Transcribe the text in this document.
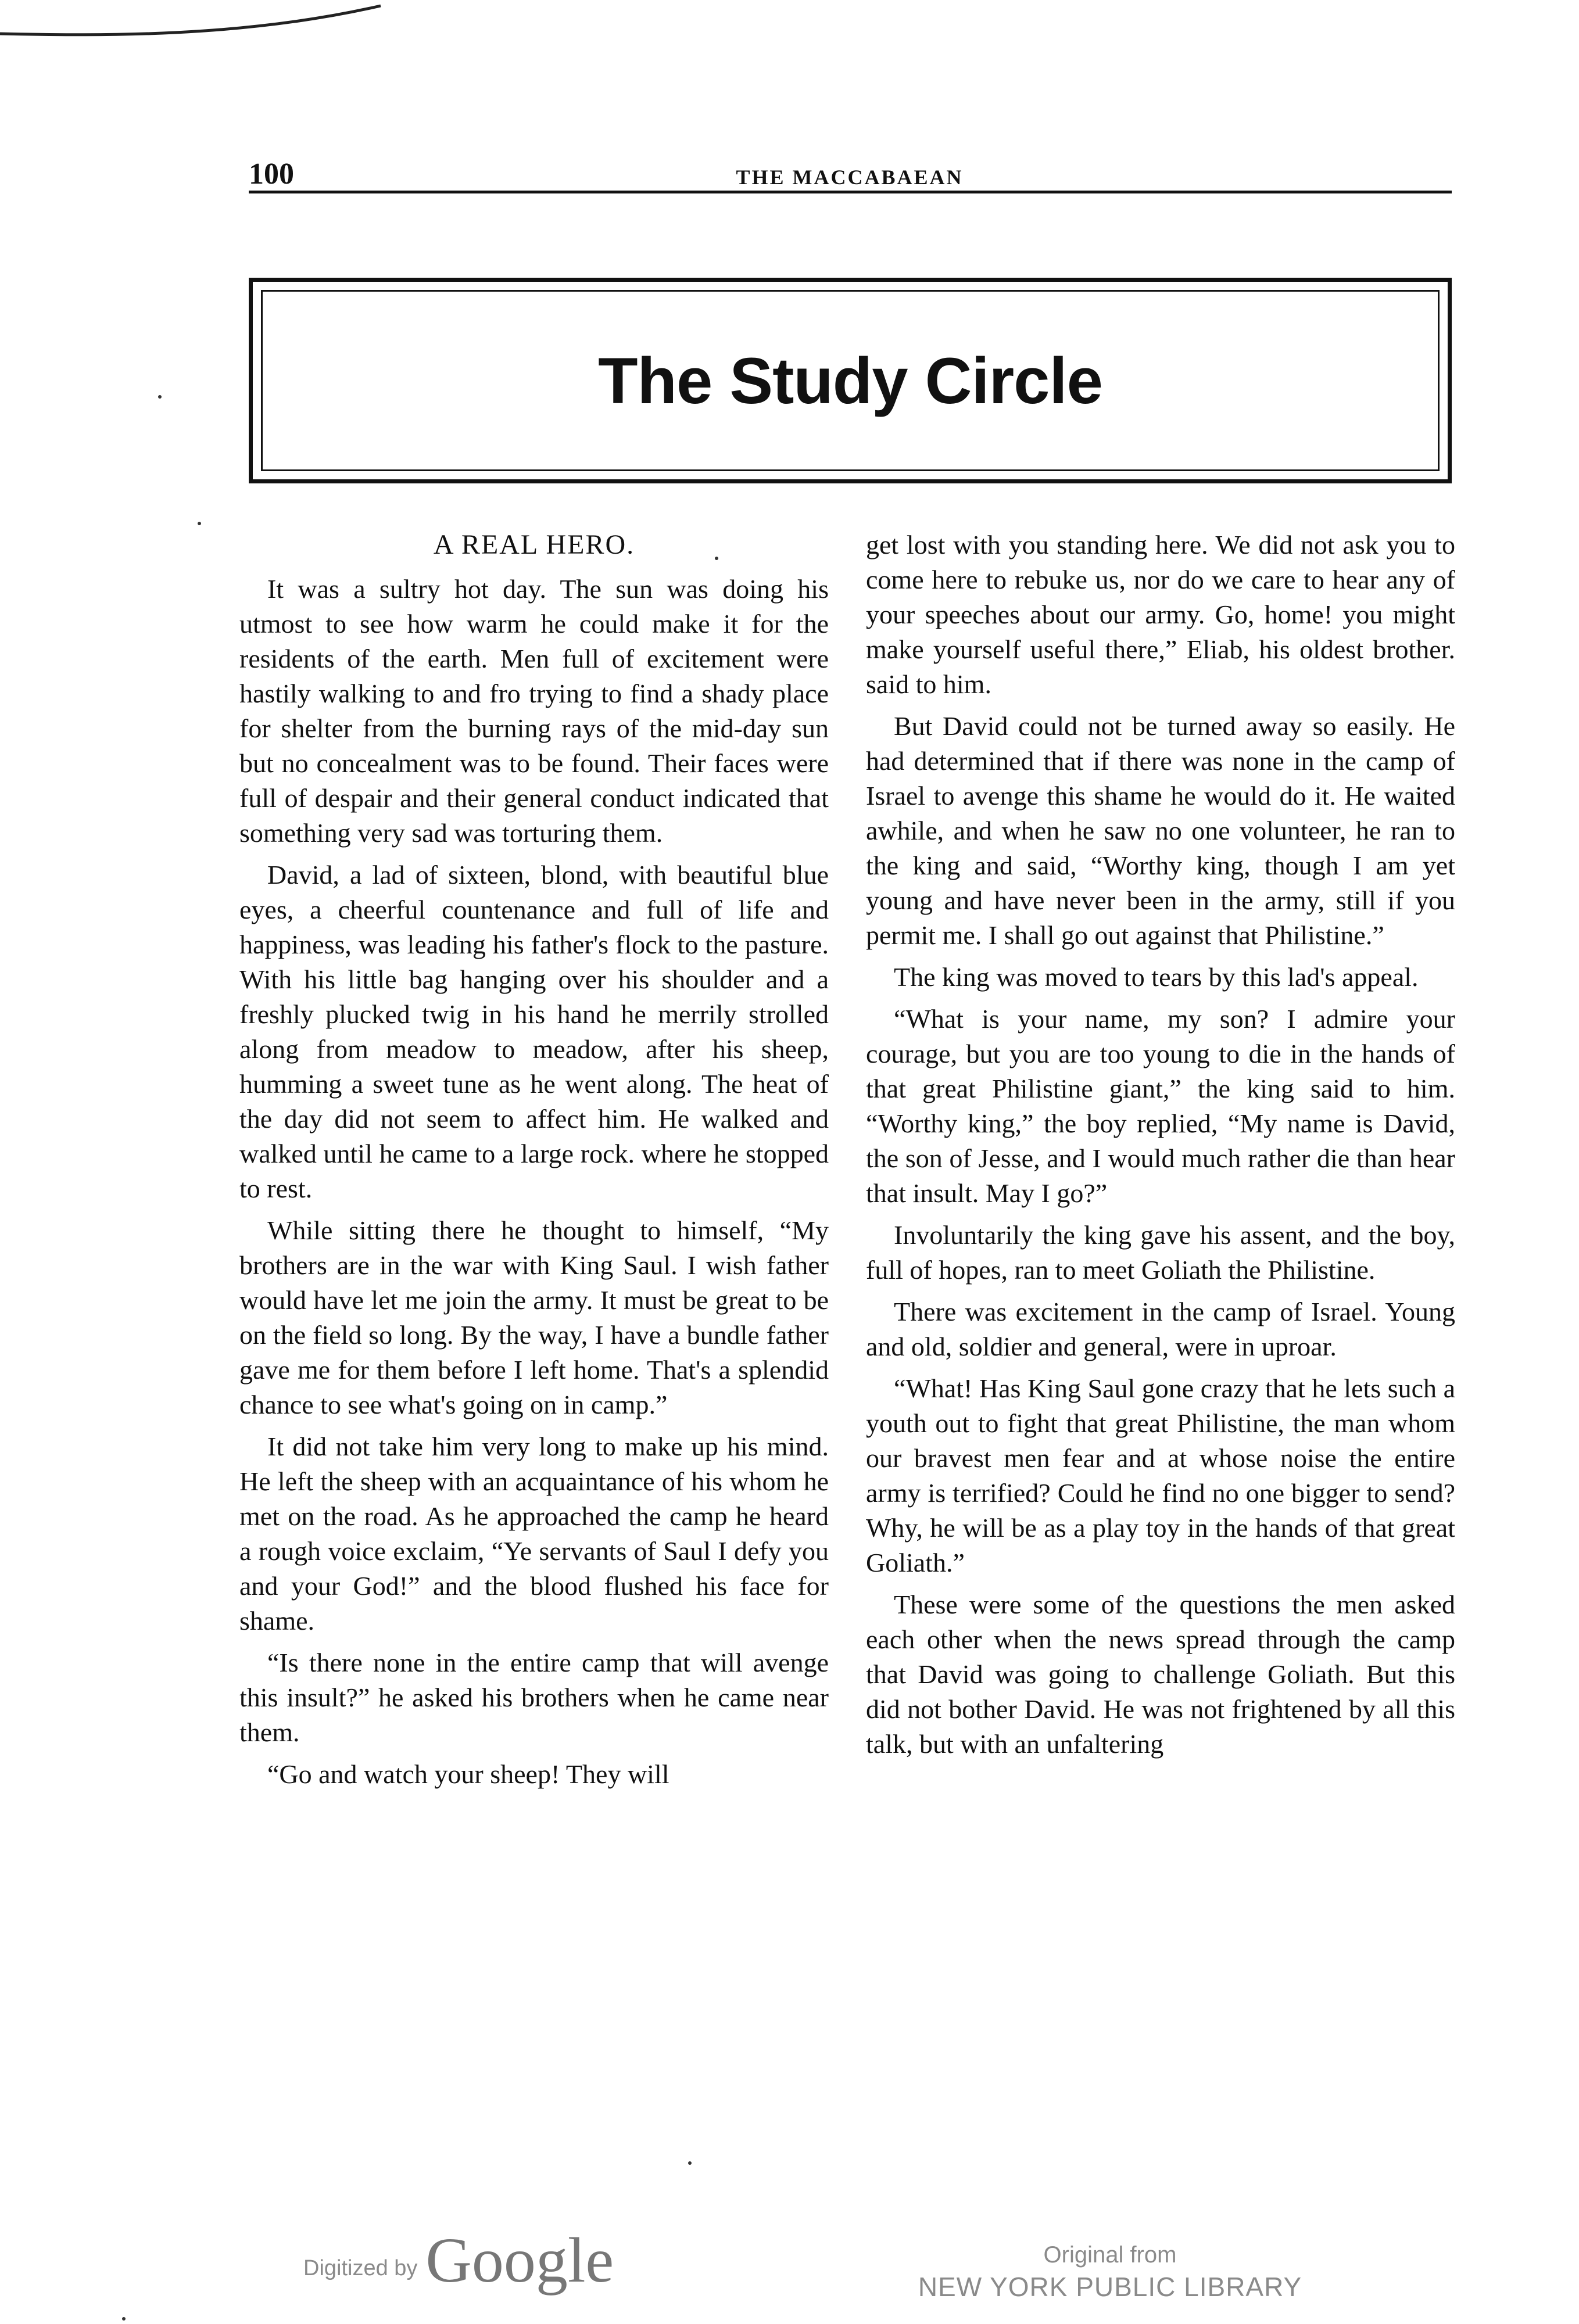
100	THE MACCABAEAN
The Study Circle
A REAL HERO.

It was a sultry hot day. The sun was doing his utmost to see how warm he could make it for the residents of the earth. Men full of excitement were hastily walking to and fro trying to find a shady place for shelter from the burning rays of the mid-day sun but no concealment was to be found. Their faces were full of despair and their general conduct indicated that something very sad was torturing them.

David, a lad of sixteen, blond, with beautiful blue eyes, a cheerful countenance and full of life and happiness, was leading his father's flock to the pasture. With his little bag hanging over his shoulder and a freshly plucked twig in his hand he merrily strolled along from meadow to meadow, after his sheep, humming a sweet tune as he went along. The heat of the day did not seem to affect him. He walked and walked until he came to a large rock. where he stopped to rest.

While sitting there he thought to himself, “My brothers are in the war with King Saul. I wish father would have let me join the army. It must be great to be on the field so long. By the way, I have a bundle father gave me for them before I left home. That's a splendid chance to see what's going on in camp.”

It did not take him very long to make up his mind. He left the sheep with an acquaintance of his whom he met on the road. As he approached the camp he heard a rough voice exclaim, “Ye servants of Saul I defy you and your God!” and the blood flushed his face for shame.

“Is there none in the entire camp that will avenge this insult?” he asked his brothers when he came near them.

“Go and watch your sheep! They will

get lost with you standing here. We did not ask you to come here to rebuke us, nor do we care to hear any of your speeches about our army. Go, home! you might make yourself useful there,” Eliab, his oldest brother. said to him.

But David could not be turned away so easily. He had determined that if there was none in the camp of Israel to avenge this shame he would do it. He waited awhile, and when he saw no one volunteer, he ran to the king and said, “Worthy king, though I am yet young and have never been in the army, still if you permit me. I shall go out against that Philistine.”

The king was moved to tears by this lad's appeal.

“What is your name, my son? I admire your courage, but you are too young to die in the hands of that great Philistine giant,” the king said to him. “Worthy king,” the boy replied, “My name is David, the son of Jesse, and I would much rather die than hear that insult. May I go?”

Involuntarily the king gave his assent, and the boy, full of hopes, ran to meet Goliath the Philistine.

There was excitement in the camp of Israel. Young and old, soldier and general, were in uproar.

“What! Has King Saul gone crazy that he lets such a youth out to fight that great Philistine, the man whom our bravest men fear and at whose noise the entire army is terrified? Could he find no one bigger to send? Why, he will be as a play toy in the hands of that great Goliath.”

These were some of the questions the men asked each other when the news spread through the camp that David was going to challenge Goliath. But this did not bother David. He was not frightened by all this talk, but with an unfaltering

Digitized by Google	Original from
NEW YORK PUBLIC LIBRARY
